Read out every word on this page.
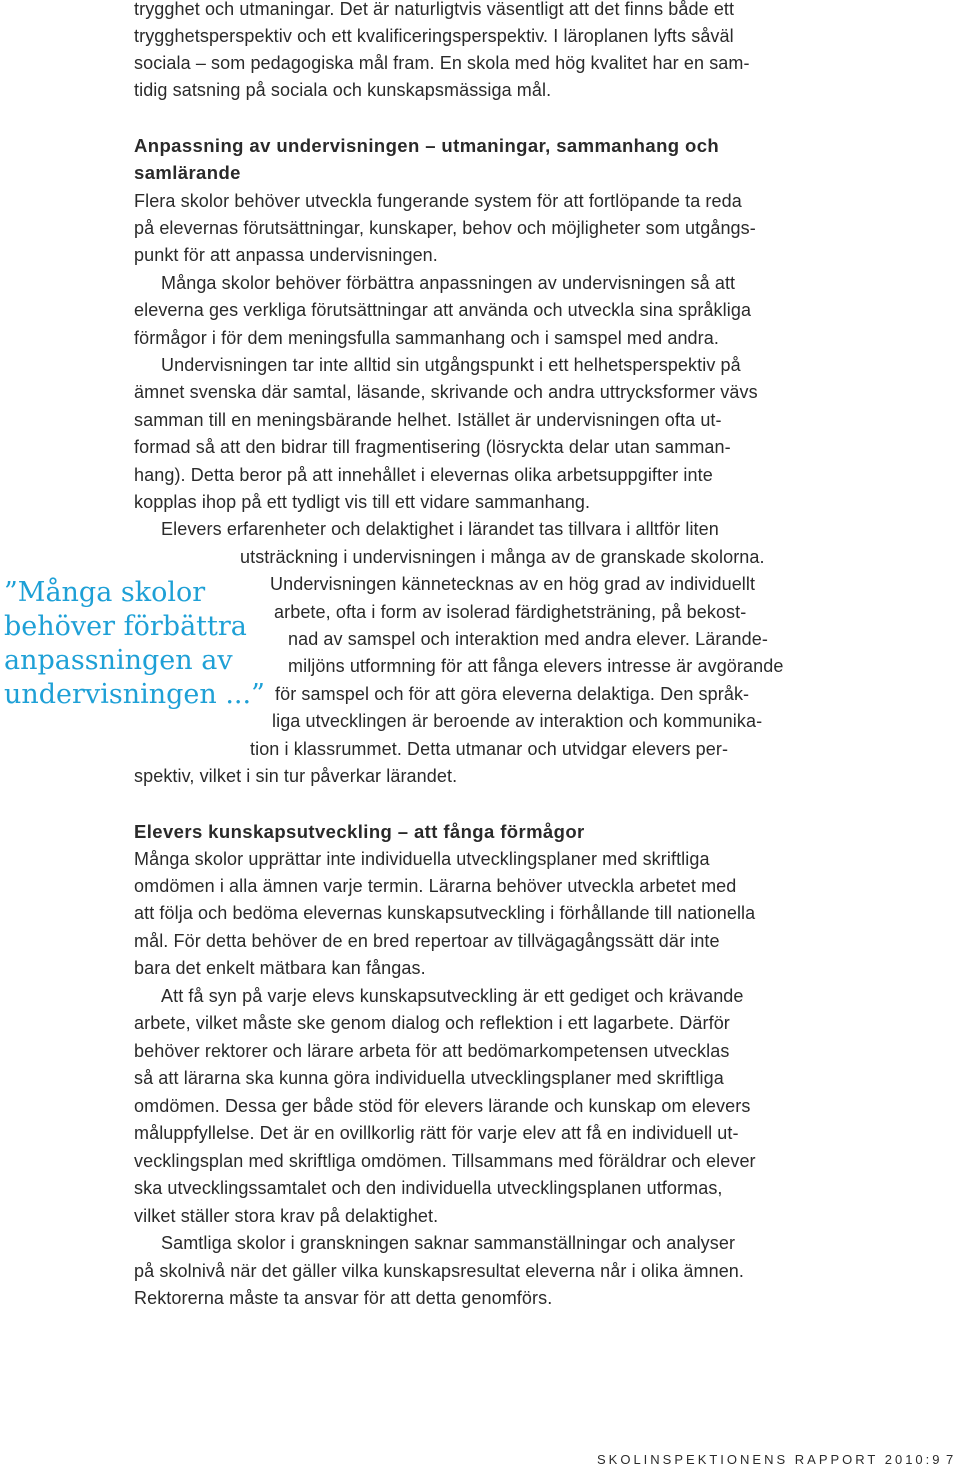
trygghet och utmaningar. Det är naturligtvis väsentligt att det finns både ett
trygghetsperspektiv och ett kvalificeringsperspektiv. I läroplanen lyfts såväl
sociala – som pedagogiska mål fram. En skola med hög kvalitet har en sam-
tidig satsning på sociala och kunskapsmässiga mål.
Anpassning av undervisningen – utmaningar, sammanhang och
samlärande
Flera skolor behöver utveckla fungerande system för att fortlöpande ta reda
på elevernas förutsättningar, kunskaper, behov och möjligheter som utgångs-
punkt för att anpassa undervisningen.
Många skolor behöver förbättra anpassningen av undervisningen så att
eleverna ges verkliga förutsättningar att använda och utveckla sina språkliga
förmågor i för dem meningsfulla sammanhang och i samspel med andra.
Undervisningen tar inte alltid sin utgångspunkt i ett helhetsperspektiv på
ämnet svenska där samtal, läsande, skrivande och andra uttrycksformer vävs
samman till en meningsbärande helhet. Istället är undervisningen ofta ut-
formad så att den bidrar till fragmentisering (lösryckta delar utan samman-
hang). Detta beror på att innehållet i elevernas olika arbetsuppgifter inte
kopplas ihop på ett tydligt vis till ett vidare sammanhang.
Elevers erfarenheter och delaktighet i lärandet tas tillvara i alltför liten
utsträckning i undervisningen i många av de granskade skolorna.
Undervisningen kännetecknas av en hög grad av individuellt
arbete, ofta i form av isolerad färdighetsträning, på bekost-
nad av samspel och interaktion med andra elever. Lärande-
miljöns utformning för att fånga elevers intresse är avgörande
för samspel och för att göra eleverna delaktiga. Den språk-
liga utvecklingen är beroende av interaktion och kommunika-
tion i klassrummet. Detta utmanar och utvidgar elevers per-
spektiv, vilket i sin tur påverkar lärandet.
”Många skolor
behöver förbättra
anpassningen av
undervisningen ...”
Elevers kunskapsutveckling – att fånga förmågor
Många skolor upprättar inte individuella utvecklingsplaner med skriftliga
omdömen i alla ämnen varje termin. Lärarna behöver utveckla arbetet med
att följa och bedöma elevernas kunskapsutveckling i förhållande till nationella
mål. För detta behöver de en bred repertoar av tillvägagångssätt där inte
bara det enkelt mätbara kan fångas.
Att få syn på varje elevs kunskapsutveckling är ett gediget och krävande
arbete, vilket måste ske genom dialog och reflektion i ett lagarbete. Därför
behöver rektorer och lärare arbeta för att bedömarkompetensen utvecklas
så att lärarna ska kunna göra individuella utvecklingsplaner med skriftliga
omdömen. Dessa ger både stöd för elevers lärande och kunskap om elevers
måluppfyllelse. Det är en ovillkorlig rätt för varje elev att få en individuell ut-
vecklingsplan med skriftliga omdömen. Tillsammans med föräldrar och elever
ska utvecklingssamtalet och den individuella utvecklingsplanen utformas,
vilket ställer stora krav på delaktighet.
Samtliga skolor i granskningen saknar sammanställningar och analyser
på skolnivå när det gäller vilka kunskapsresultat eleverna når i olika ämnen.
Rektorerna måste ta ansvar för att detta genomförs.
SKOLINSPEKTIONENS RAPPORT 2010:9 7
